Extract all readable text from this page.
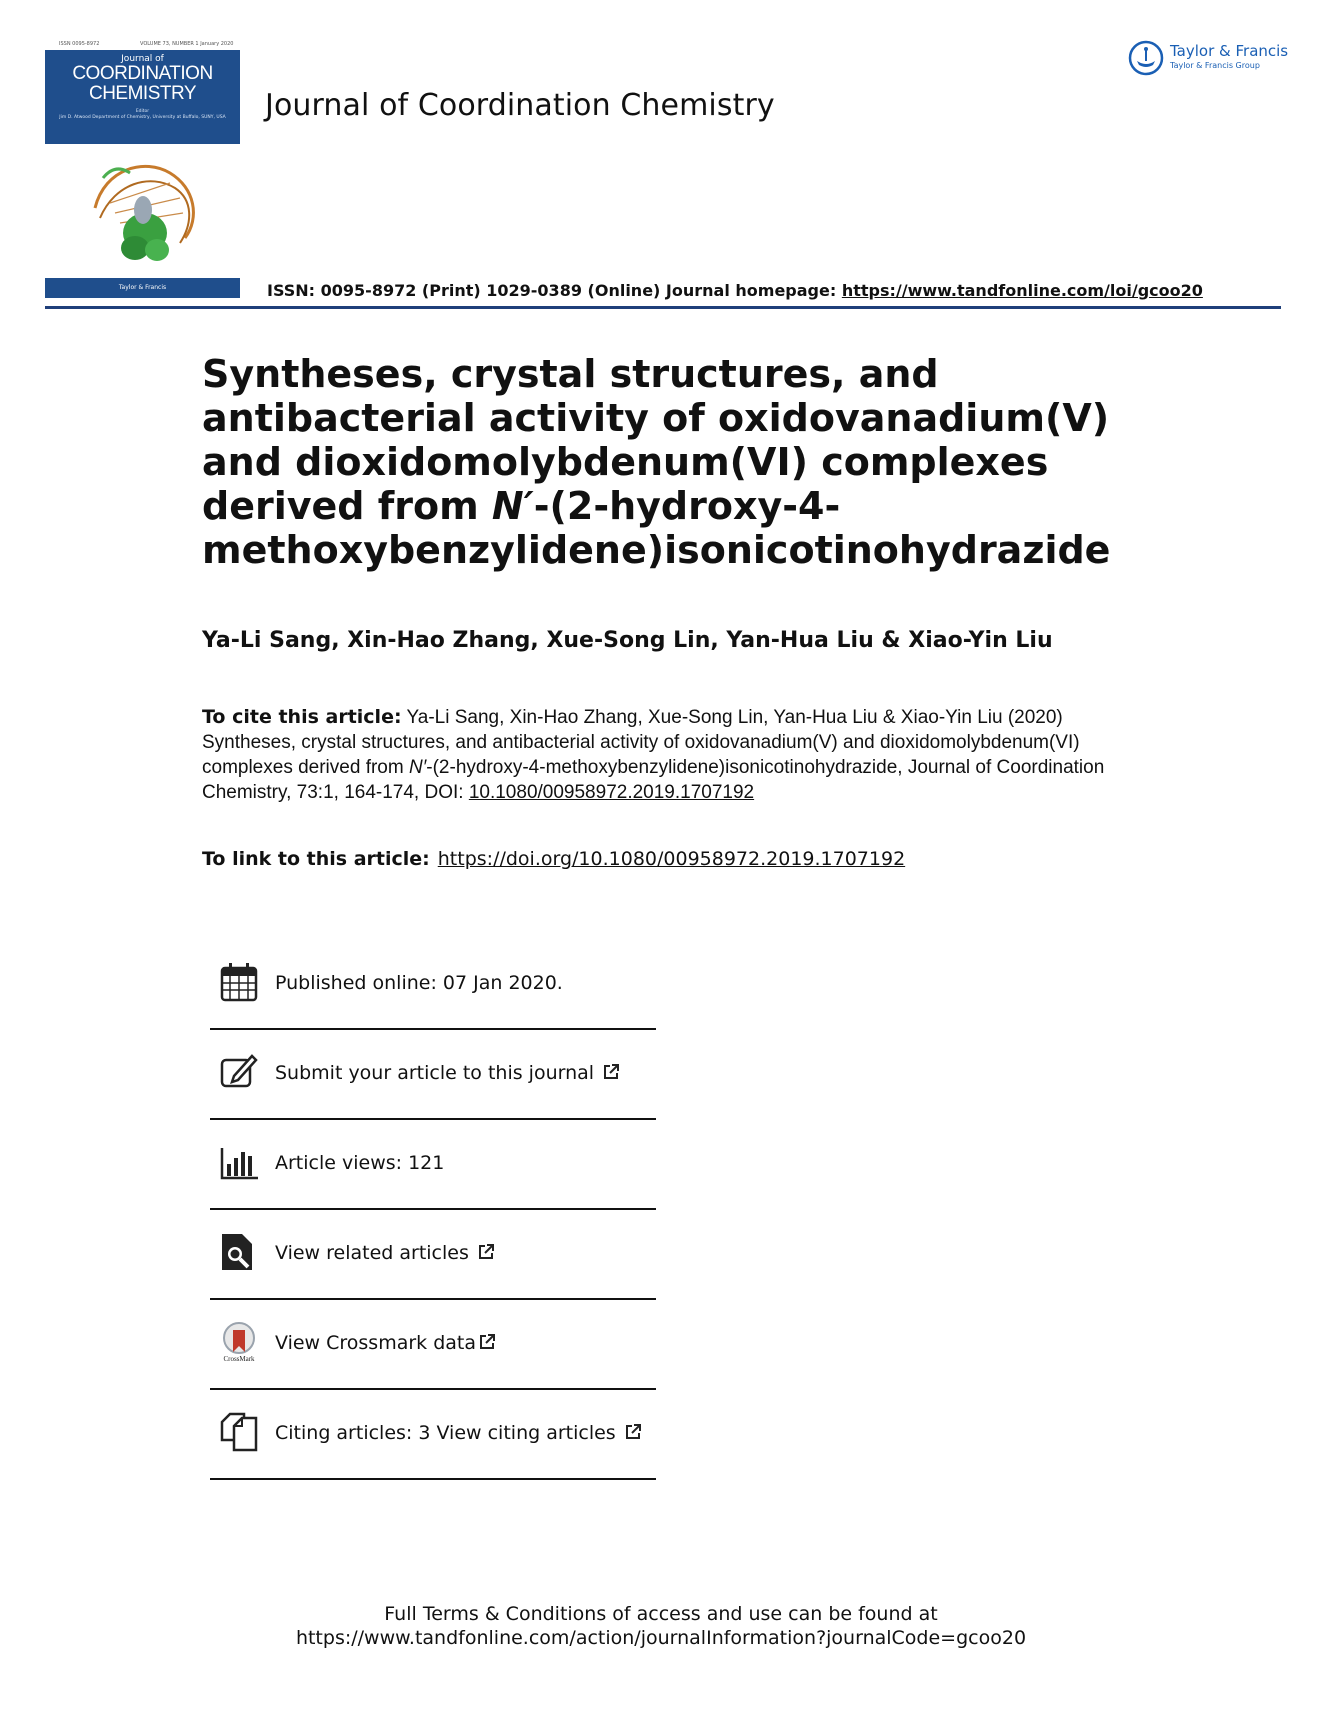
ISSN 0095-8972	VOLUME 73, NUMBER 1 January 2020
Journal of
COORDINATION
CHEMISTRY
Editor
Jim D. Atwood Department of Chemistry, University at Buffalo, SUNY, USA
Taylor & Francis
Journal of Coordination Chemistry
Taylor & Francis
Taylor & Francis Group
ISSN: 0095-8972 (Print) 1029-0389 (Online) Journal homepage: https://www.tandfonline.com/loi/gcoo20
Syntheses, crystal structures, and antibacterial activity of oxidovanadium(V) and dioxidomolybdenum(VI) complexes derived from N′-(2-hydroxy-4-methoxybenzylidene)isonicotinohydrazide
Ya-Li Sang, Xin-Hao Zhang, Xue-Song Lin, Yan-Hua Liu & Xiao-Yin Liu
To cite this article: Ya-Li Sang, Xin-Hao Zhang, Xue-Song Lin, Yan-Hua Liu & Xiao-Yin Liu (2020) Syntheses, crystal structures, and antibacterial activity of oxidovanadium(V) and dioxidomolybdenum(VI) complexes derived from N′-(2-hydroxy-4-methoxybenzylidene)isonicotinohydrazide, Journal of Coordination Chemistry, 73:1, 164-174, DOI: 10.1080/00958972.2019.1707192
To link to this article: https://doi.org/10.1080/00958972.2019.1707192
Published online: 07 Jan 2020.
Submit your article to this journal
Article views: 121
View related articles
CrossMark
View Crossmark data
Citing articles: 3 View citing articles
Full Terms & Conditions of access and use can be found at
https://www.tandfonline.com/action/journalInformation?journalCode=gcoo20
